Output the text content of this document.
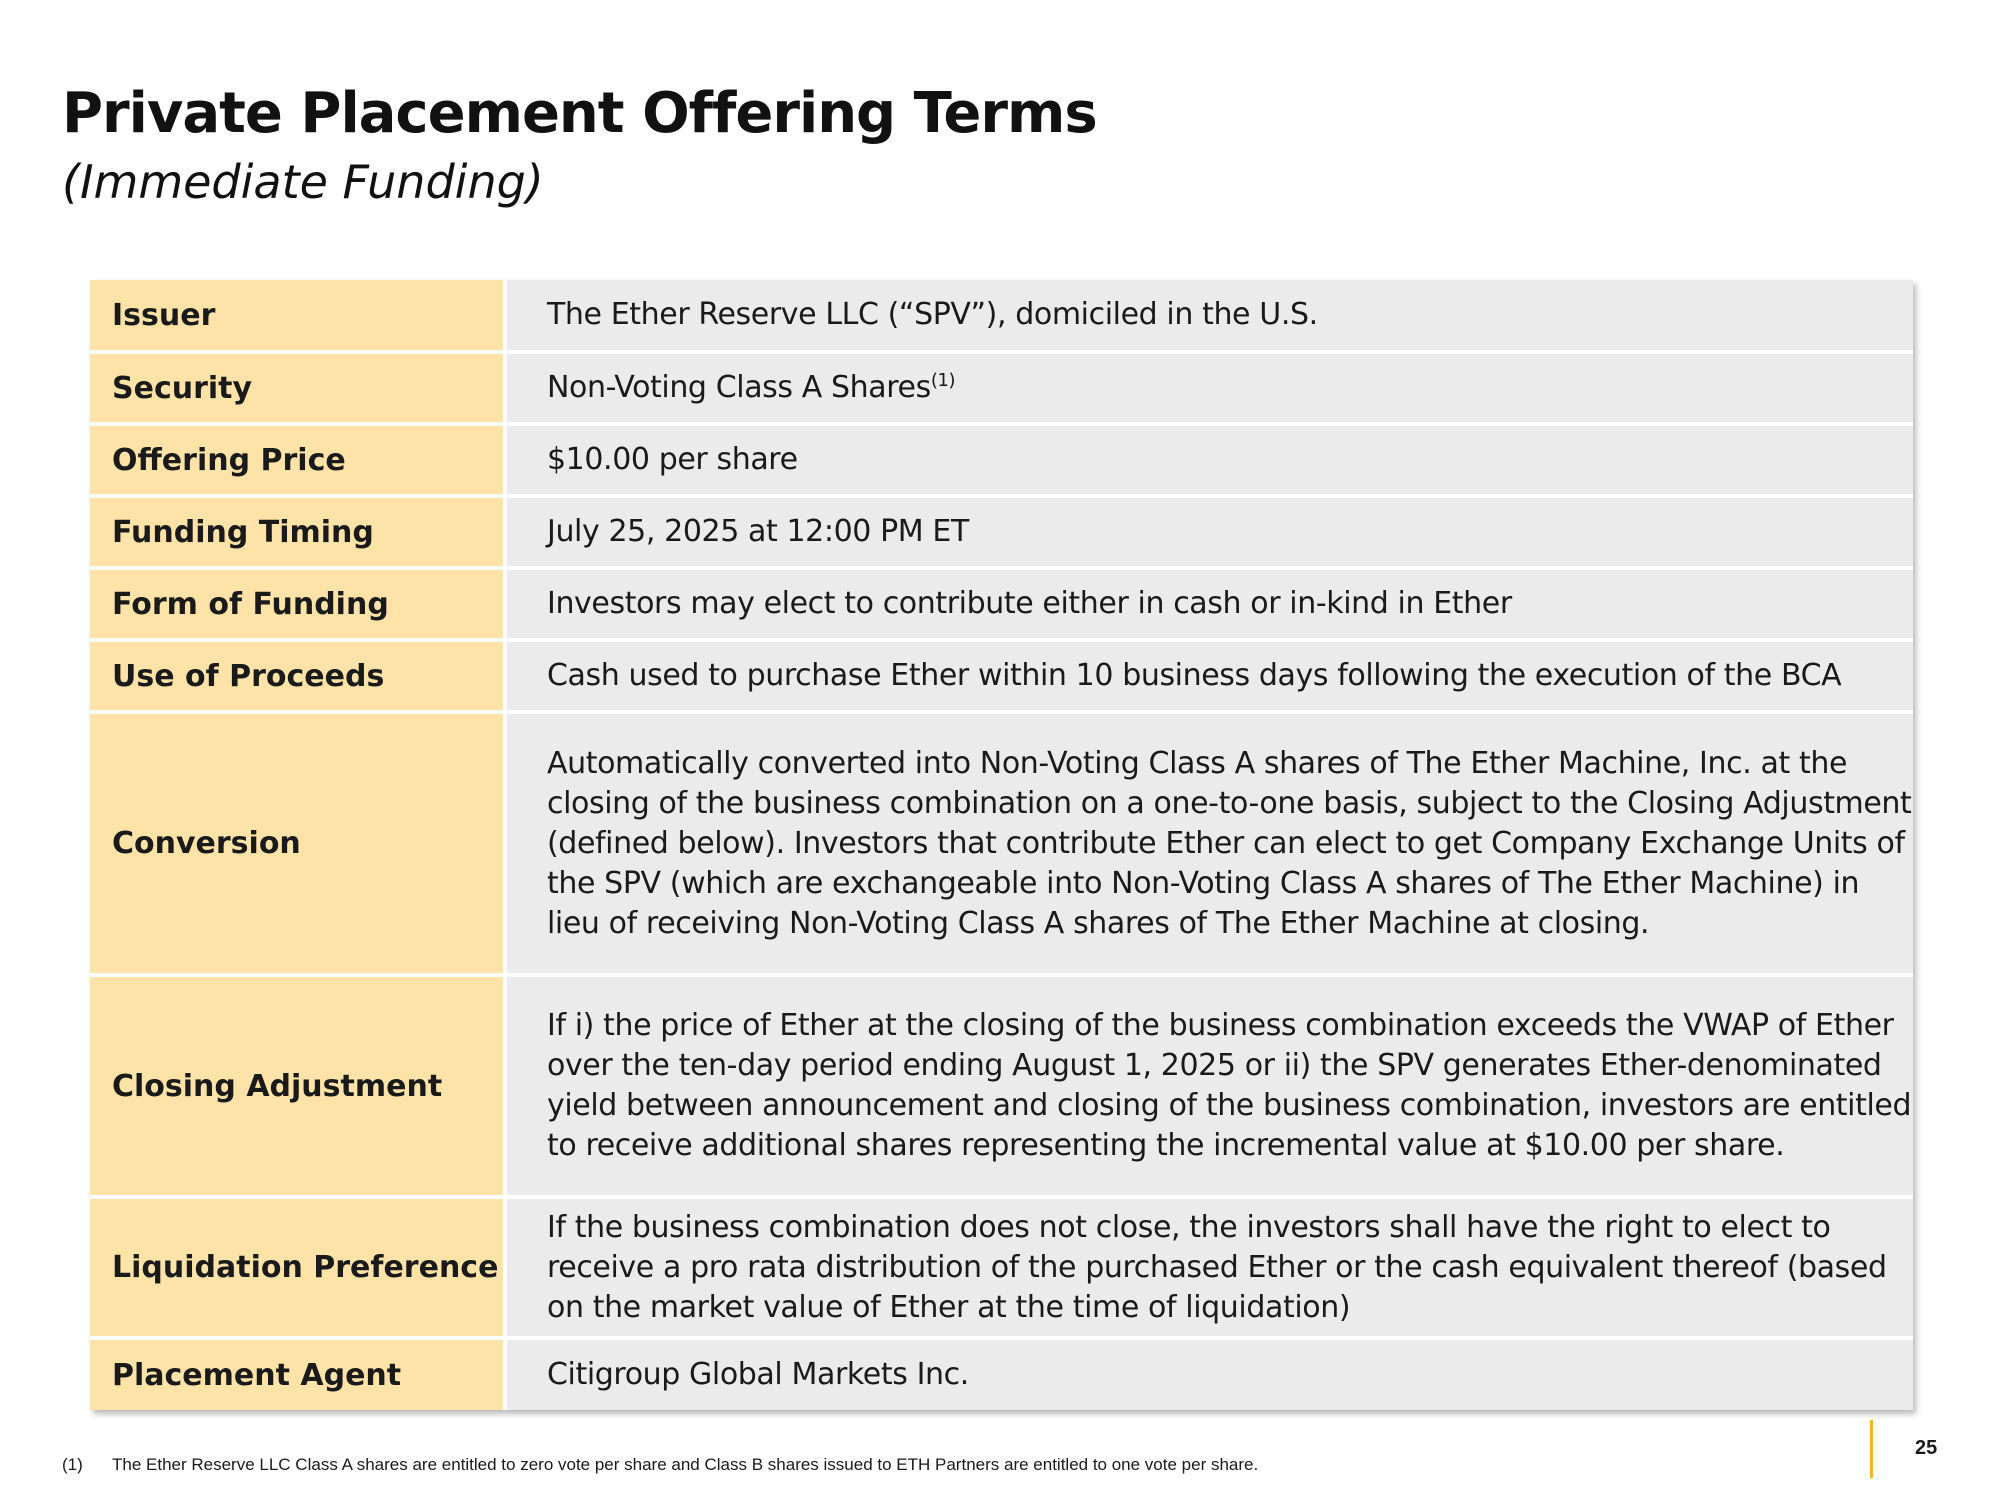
Private Placement Offering Terms
(Immediate Funding)
Issuer	The Ether Reserve LLC (“SPV”), domiciled in the U.S.
Security	Non-Voting Class A Shares$^{(1)}$
Offering Price	$10.00 per share
Funding Timing	July 25, 2025 at 12:00 PM ET
Form of Funding	Investors may elect to contribute either in cash or in-kind in Ether
Use of Proceeds	Cash used to purchase Ether within 10 business days following the execution of the BCA
Conversion	Automatically converted into Non-Voting Class A shares of The Ether Machine, Inc. at the closing of the business combination on a one-to-one basis, subject to the Closing Adjustment (defined below). Investors that contribute Ether can elect to get Company Exchange Units of the SPV (which are exchangeable into Non-Voting Class A shares of The Ether Machine) in lieu of receiving Non-Voting Class A shares of The Ether Machine at closing.
Closing Adjustment	If i) the price of Ether at the closing of the business combination exceeds the VWAP of Ether over the ten-day period ending August 1, 2025 or ii) the SPV generates Ether-denominated yield between announcement and closing of the business combination, investors are entitled to receive additional shares representing the incremental value at $10.00 per share.
Liquidation Preference	If the business combination does not close, the investors shall have the right to elect to receive a pro rata distribution of the purchased Ether or the cash equivalent thereof (based on the market value of Ether at the time of liquidation)
Placement Agent	Citigroup Global Markets Inc.
(1)	The Ether Reserve LLC Class A shares are entitled to zero vote per share and Class B shares issued to ETH Partners are entitled to one vote per share.
25
